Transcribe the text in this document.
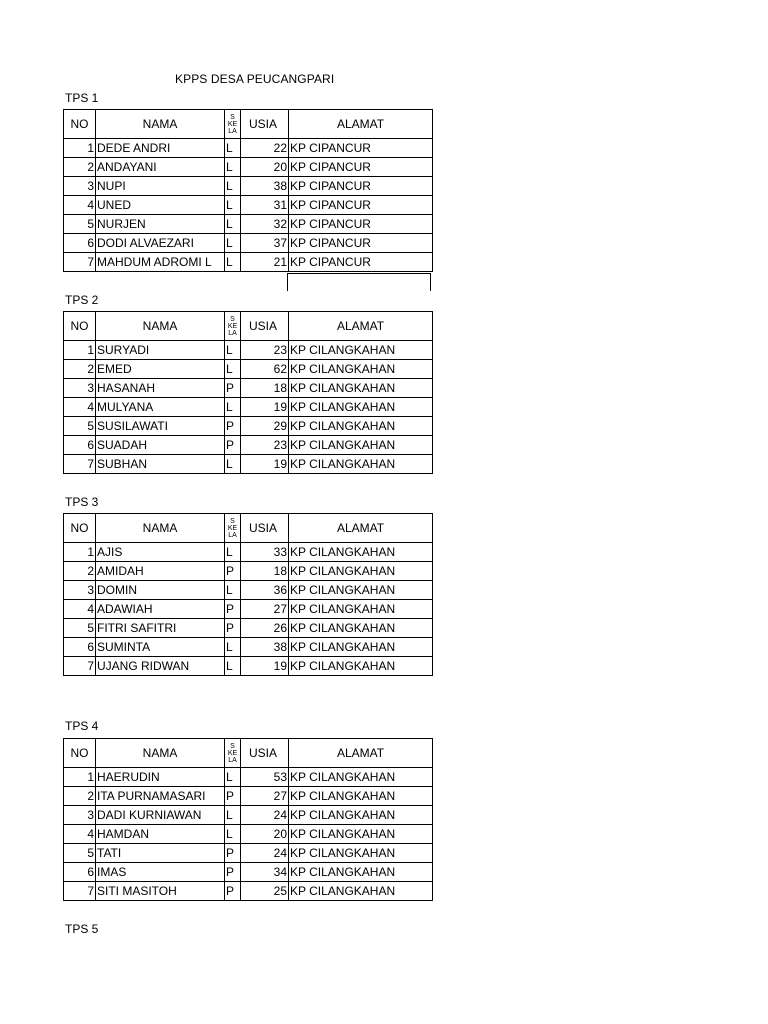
KPPS DESA PEUCANGPARI
TPS 1
NO	NAMA	S
KE
LA	USIA	ALAMAT
1	DEDE ANDRI	L	22	KP CIPANCUR
2	ANDAYANI	L	20	KP CIPANCUR
3	NUPI	L	38	KP CIPANCUR
4	UNED	L	31	KP CIPANCUR
5	NURJEN	L	32	KP CIPANCUR
6	DODI ALVAEZARI	L	37	KP CIPANCUR
7	MAHDUM ADROMI L	L	21	KP CIPANCUR
TPS 2
NO	NAMA	S
KE
LA	USIA	ALAMAT
1	SURYADI	L	23	KP CILANGKAHAN
2	EMED	L	62	KP CILANGKAHAN
3	HASANAH	P	18	KP CILANGKAHAN
4	MULYANA	L	19	KP CILANGKAHAN
5	SUSILAWATI	P	29	KP CILANGKAHAN
6	SUADAH	P	23	KP CILANGKAHAN
7	SUBHAN	L	19	KP CILANGKAHAN
TPS 3
NO	NAMA	S
KE
LA	USIA	ALAMAT
1	AJIS	L	33	KP CILANGKAHAN
2	AMIDAH	P	18	KP CILANGKAHAN
3	DOMIN	L	36	KP CILANGKAHAN
4	ADAWIAH	P	27	KP CILANGKAHAN
5	FITRI SAFITRI	P	26	KP CILANGKAHAN
6	SUMINTA	L	38	KP CILANGKAHAN
7	UJANG RIDWAN	L	19	KP CILANGKAHAN
TPS 4
NO	NAMA	S
KE
LA	USIA	ALAMAT
1	HAERUDIN	L	53	KP CILANGKAHAN
2	ITA PURNAMASARI	P	27	KP CILANGKAHAN
3	DADI KURNIAWAN	L	24	KP CILANGKAHAN
4	HAMDAN	L	20	KP CILANGKAHAN
5	TATI	P	24	KP CILANGKAHAN
6	IMAS	P	34	KP CILANGKAHAN
7	SITI MASITOH	P	25	KP CILANGKAHAN
TPS 5
